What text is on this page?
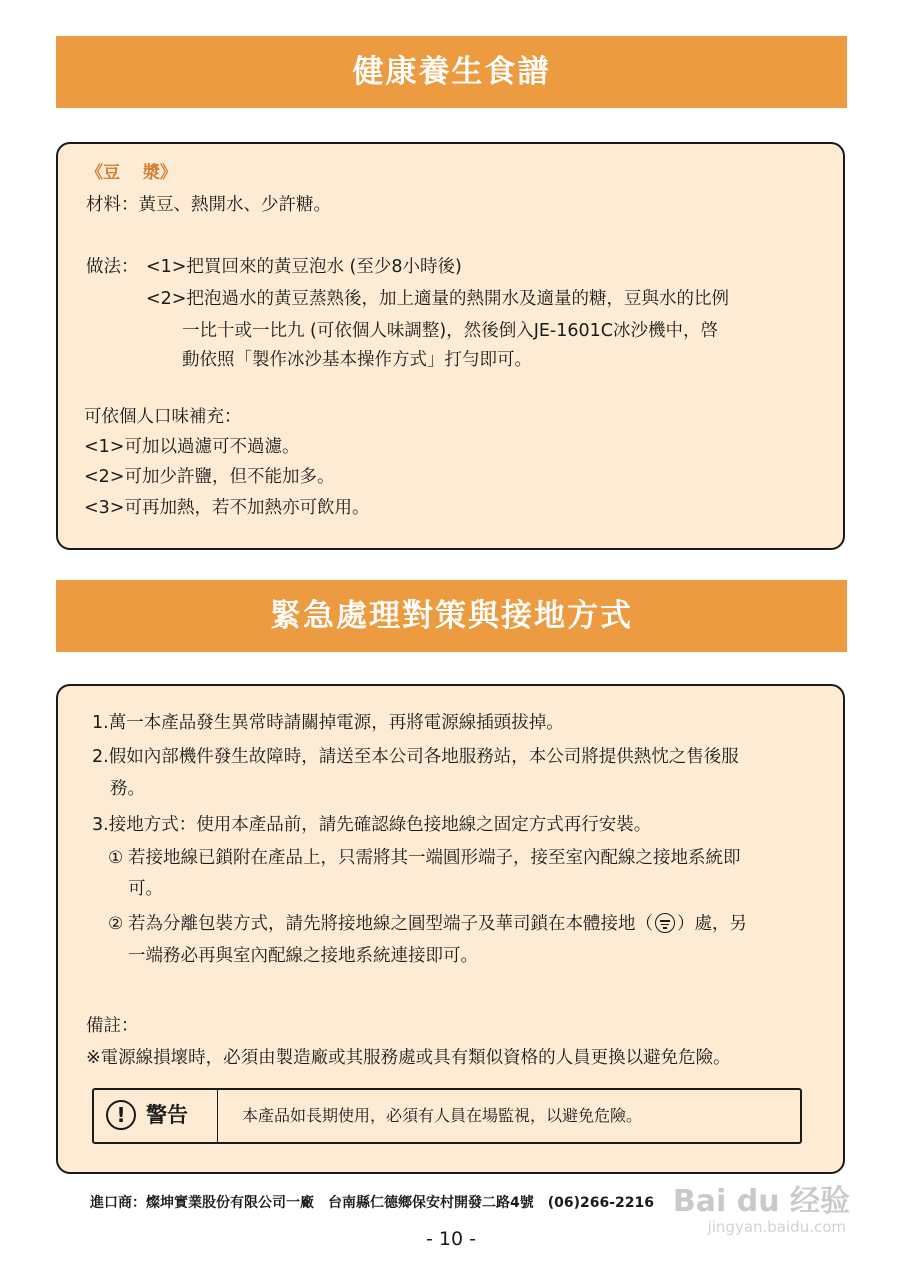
健康養生食譜
《豆　 漿》
材料：黃豆、熱開水、少許糖。
做法： <1>把買回來的黃豆泡水 (至少8小時後)
<2>把泡過水的黃豆蒸熟後，加上適量的熱開水及適量的糖，豆與水的比例
一比十或一比九 (可依個人味調整)，然後倒入JE-1601C冰沙機中，啓
動依照「製作冰沙基本操作方式」打勻即可。
可依個人口味補充：
<1>可加以過濾可不過濾。
<2>可加少許鹽，但不能加多。
<3>可再加熱，若不加熱亦可飲用。
緊急處理對策與接地方式
1.萬一本產品發生異常時請關掉電源，再將電源線插頭拔掉。
2.假如內部機件發生故障時，請送至本公司各地服務站，本公司將提供熱忱之售後服
務。
3.接地方式：使用本產品前，請先確認綠色接地線之固定方式再行安裝。
① 若接地線已鎖附在產品上，只需將其一端圓形端子，接至室內配線之接地系統即
可。
② 若為分離包裝方式，請先將接地線之圓型端子及華司鎖在本體接地（ ）處，另
一端務必再與室內配線之接地系統連接即可。
備註：
※電源線損壞時，必須由製造廠或其服務處或具有類似資格的人員更換以避免危險。
! 警告	本產品如長期使用，必須有人員在場監視，以避免危險。
進口商：燦坤實業股份有限公司一廠　台南縣仁德鄉保安村開發二路4號　(06)266-2216
- 10 -
Bai du 经验
jingyan.baidu.com
